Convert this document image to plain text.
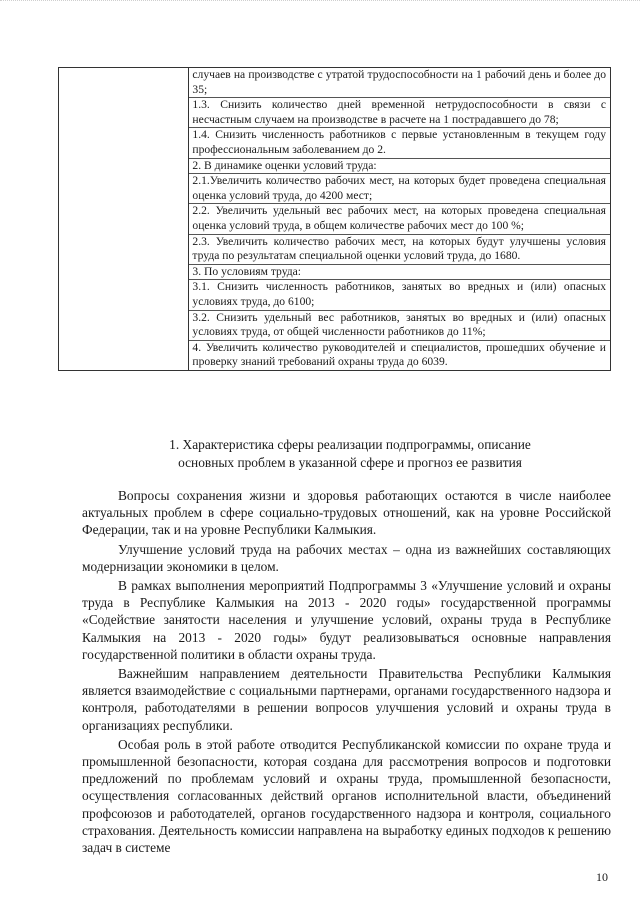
случаев на производстве с утратой трудоспособности на 1 рабочий день и более до 35;
1.3. Снизить количество дней временной нетрудоспособности в связи с несчастным случаем на производстве в расчете на 1 пострадавшего до 78;
1.4. Снизить численность работников с первые установленным в текущем году профессиональным заболеванием до 2.
2. В динамике оценки условий труда:
2.1.Увеличить количество рабочих мест, на которых будет проведена специальная оценка условий труда, до 4200 мест;
2.2. Увеличить удельный вес рабочих мест, на которых проведена специальная оценка условий труда, в общем количестве рабочих мест до 100 %;
2.3. Увеличить количество рабочих мест, на которых будут улучшены условия труда по результатам специальной оценки условий труда, до 1680.
3. По условиям труда:
3.1. Снизить численность работников, занятых во вредных и (или) опасных условиях труда, до 6100;
3.2. Снизить удельный вес работников, занятых во вредных и (или) опасных условиях труда, от общей численности работников до 11%;
4. Увеличить количество руководителей и специалистов, прошедших обучение и проверку знаний требований охраны труда до 6039.
1. Характеристика сферы реализации подпрограммы, описание
основных проблем в указанной сфере и прогноз ее развития

Вопросы сохранения жизни и здоровья работающих остаются в числе наиболее актуальных проблем в сфере социально-трудовых отношений, как на уровне Российской Федерации, так и на уровне Республики Калмыкия.

Улучшение условий труда на рабочих местах – одна из важнейших составляющих модернизации экономики в целом.

В рамках выполнения мероприятий Подпрограммы 3 «Улучшение условий и охраны труда в Республике Калмыкия на 2013 - 2020 годы» государственной программы «Содействие занятости населения и улучшение условий, охраны труда в Республике Калмыкия на 2013 - 2020 годы» будут реализовываться основные направления государственной политики в области охраны труда.

Важнейшим направлением деятельности Правительства Республики Калмыкия является взаимодействие с социальными партнерами, органами государственного надзора и контроля, работодателями в решении вопросов улучшения условий и охраны труда в организациях республики.

Особая роль в этой работе отводится Республиканской комиссии по охране труда и промышленной безопасности, которая создана для рассмотрения вопросов и подготовки предложений по проблемам условий и охраны труда, промышленной безопасности, осуществления согласованных действий органов исполнительной власти, объединений профсоюзов и работодателей, органов государственного надзора и контроля, социального страхования. Деятельность комиссии направлена на выработку единых подходов к решению задач в системе

10
